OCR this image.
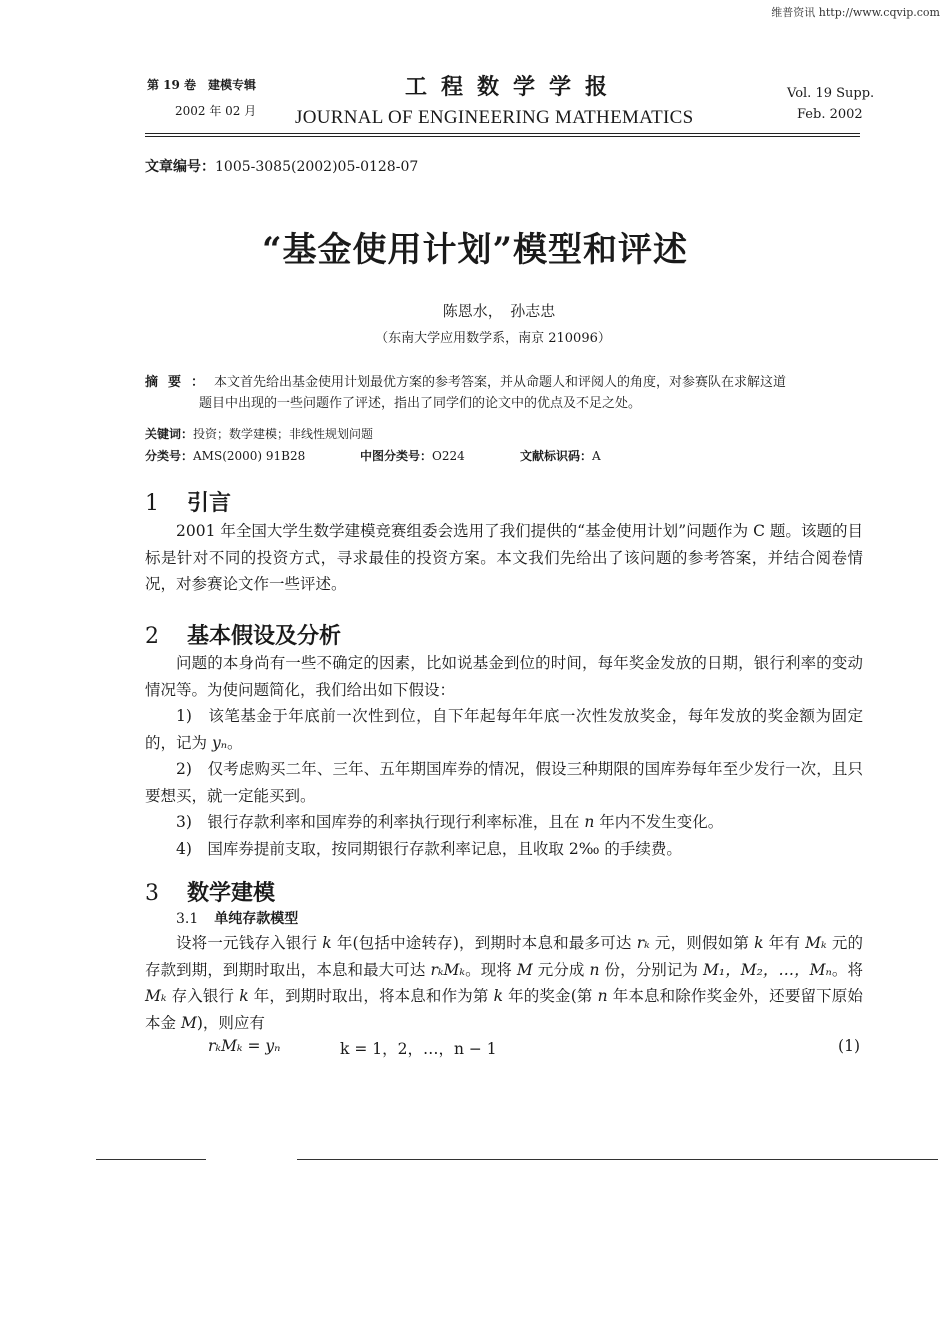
维普资讯 http://www.cqvip.com
第 19 卷　建模专辑
2002 年 02 月
工程数学学报
JOURNAL OF ENGINEERING MATHEMATICS
Vol. 19 Supp.
Feb. 2002
文章编号：1005-3085(2002)05-0128-07
“基金使用计划”模型和评述
陈恩水，　孙志忠
（东南大学应用数学系，南京 210096）
摘要：本文首先给出基金使用计划最优方案的参考答案，并从命题人和评阅人的角度，对参赛队在求解这道
题目中出现的一些问题作了评述，指出了同学们的论文中的优点及不足之处。
关键词：投资；数学建模；非线性规划问题
分类号：AMS(2000) 91B28	中图分类号：O224	文献标识码：A
1 引言

2001 年全国大学生数学建模竞赛组委会选用了我们提供的“基金使用计划”问题作为 C 题。该题的目标是针对不同的投资方式，寻求最佳的投资方案。本文我们先给出了该问题的参考答案，并结合阅卷情况，对参赛论文作一些评述。

2 基本假设及分析

问题的本身尚有一些不确定的因素，比如说基金到位的时间，每年奖金发放的日期，银行利率的变动情况等。为使问题简化，我们给出如下假设：

1)　该笔基金于年底前一次性到位，自下年起每年年底一次性发放奖金，每年发放的奖金额为固定的，记为 yₙ。

2)　仅考虑购买二年、三年、五年期国库券的情况，假设三种期限的国库券每年至少发行一次，且只要想买，就一定能买到。

3)　银行存款利率和国库券的利率执行现行利率标准，且在 n 年内不发生变化。

4)　国库券提前支取，按同期银行存款利率记息，且收取 2‰ 的手续费。

3 数学建模
3.1 单纯存款模型

设将一元钱存入银行 k 年(包括中途转存)，到期时本息和最多可达 rₖ 元，则假如第 k 年有 Mₖ 元的存款到期，到期时取出，本息和最大可达 rₖMₖ。现将 M 元分成 n 份，分别记为 M₁，M₂，…，Mₙ。将 Mₖ 存入银行 k 年，到期时取出，将本息和作为第 k 年的奖金(第 n 年本息和除作奖金外，还要留下原始本金 M)，则应有

rₖMₖ = yₙ	k = 1，2，…，n − 1	(1)
